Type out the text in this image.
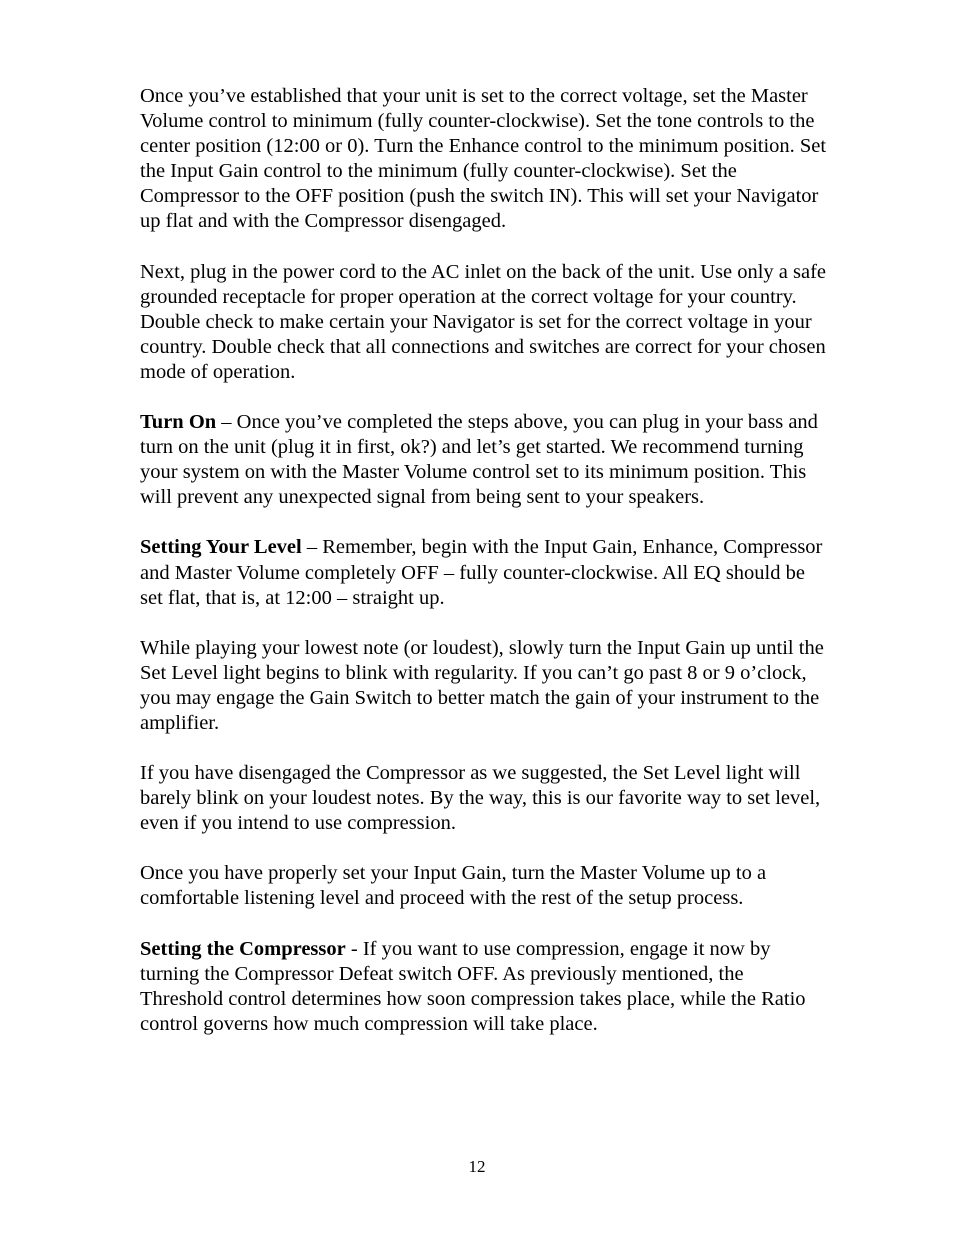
Once you’ve established that your unit is set to the correct voltage, set the Master Volume control to minimum (fully counter-clockwise). Set the tone controls to the center position (12:00 or 0). Turn the Enhance control to the minimum position. Set the Input Gain control to the minimum (fully counter-clockwise). Set the Compressor to the OFF position (push the switch IN). This will set your Navigator up flat and with the Compressor disengaged.

Next, plug in the power cord to the AC inlet on the back of the unit. Use only a safe grounded receptacle for proper operation at the correct voltage for your country. Double check to make certain your Navigator is set for the correct voltage in your country. Double check that all connections and switches are correct for your chosen mode of operation.

Turn On – Once you’ve completed the steps above, you can plug in your bass and turn on the unit (plug it in first, ok?) and let’s get started. We recommend turning your system on with the Master Volume control set to its minimum position. This will prevent any unexpected signal from being sent to your speakers.

Setting Your Level – Remember, begin with the Input Gain, Enhance, Compressor and Master Volume completely OFF – fully counter-clockwise. All EQ should be set flat, that is, at 12:00 – straight up.

While playing your lowest note (or loudest), slowly turn the Input Gain up until the Set Level light begins to blink with regularity. If you can’t go past 8 or 9 o’clock, you may engage the Gain Switch to better match the gain of your instrument to the amplifier.

If you have disengaged the Compressor as we suggested, the Set Level light will barely blink on your loudest notes. By the way, this is our favorite way to set level, even if you intend to use compression.

Once you have properly set your Input Gain, turn the Master Volume up to a comfortable listening level and proceed with the rest of the setup process.

Setting the Compressor - If you want to use compression, engage it now by turning the Compressor Defeat switch OFF. As previously mentioned, the Threshold control determines how soon compression takes place, while the Ratio control governs how much compression will take place.

12
